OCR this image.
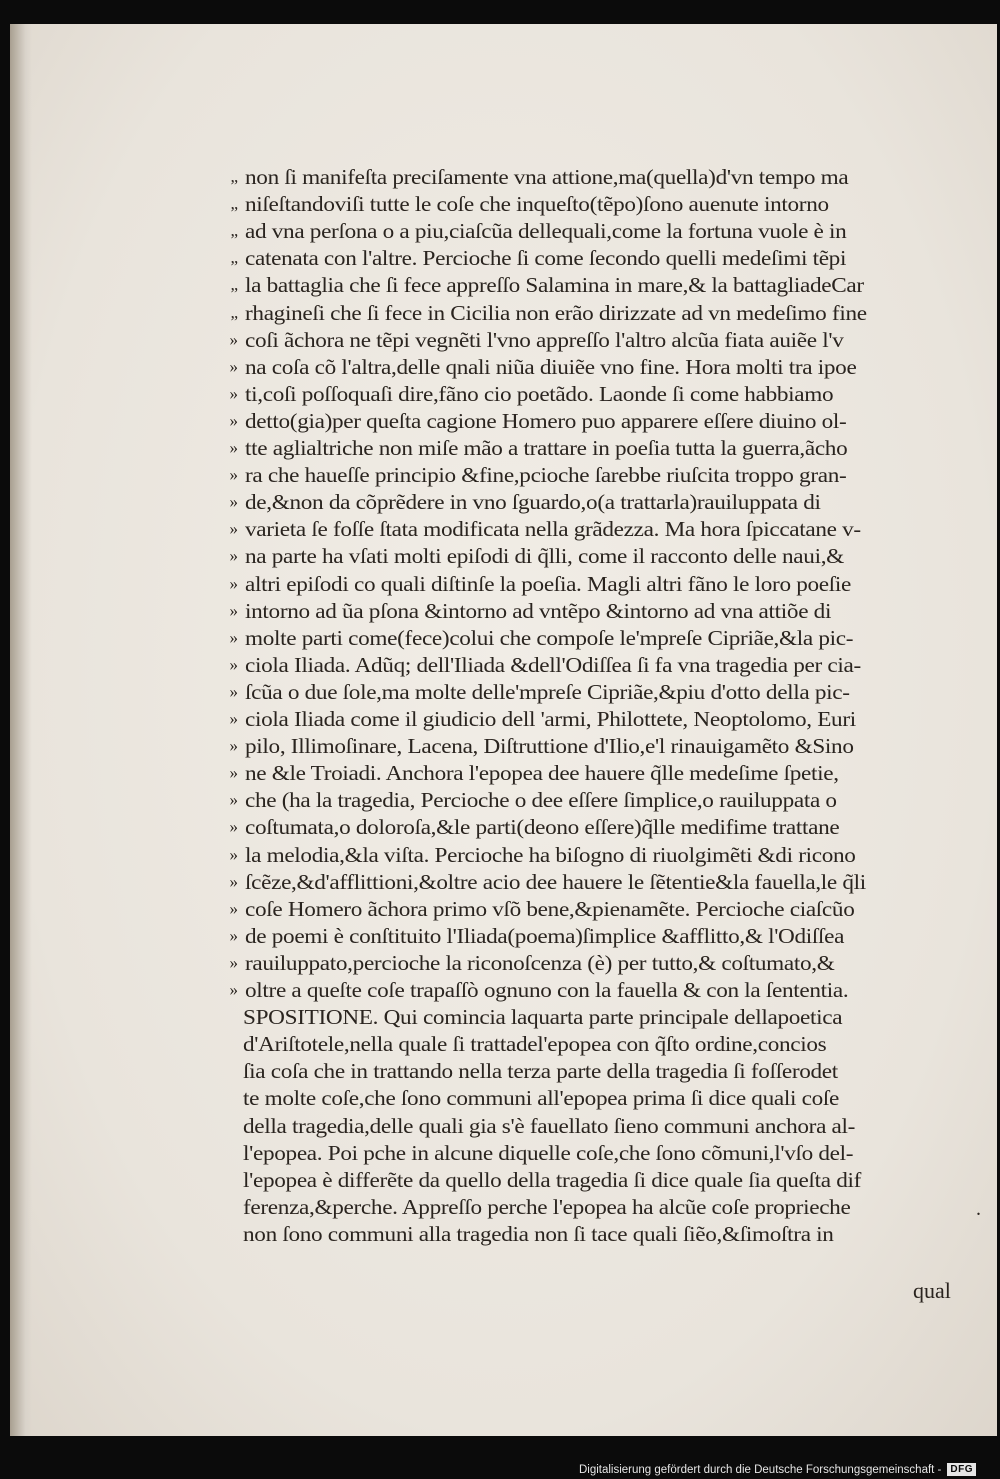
„ non ſi manifeſta preciſamente vna attione,ma(quella)d'vn tempo ma
„ niſeſtandoviſi tutte le coſe che inqueſto(tẽpo)ſono auenute intorno
„ ad vna perſona o a piu,ciaſcũa dellequali,come la fortuna vuole è in
„ catenata con l'altre. Percioche ſi come ſecondo quelli medeſimi tẽpi
„ la battaglia che ſi fece appreſſo Salamina in mare,& la battagliadeCar
„ rhagineſi che ſi fece in Cicilia non erão dirizzate ad vn medeſimo fine
» coſi ãchora ne tẽpi vegnẽti l'vno appreſſo l'altro alcũa fiata auiẽe l'v
» na coſa cõ l'altra,delle qnali niũa diuiẽe vno fine. Hora molti tra ipoe
» ti,coſi poſſoquaſi dire,fãno cio poetãdo. Laonde ſi come habbiamo
» detto(gia)per queſta cagione Homero puo apparere eſſere diuino ol-
» tte aglialtriche non miſe mão a trattare in poeſia tutta la guerra,ãcho
» ra che haueſſe principio &fine,pcioche ſarebbe riuſcita troppo gran-
» de,&non da cõprẽdere in vno ſguardo,o(a trattarla)rauiluppata di
» varieta ſe foſſe ſtata modificata nella grãdezza. Ma hora ſpiccatane v-
» na parte ha vſati molti epiſodi di q̃lli, come il racconto delle naui,&
» altri epiſodi co quali diſtinſe la poeſia. Magli altri fãno le loro poeſie
» intorno ad ũa pſona &intorno ad vntẽpo &intorno ad vna attiõe di
» molte parti come(fece)colui che compoſe le'mpreſe Cipriãe,&la pic-
» ciola Iliada. Adũq; dell'Iliada &dell'Odiſſea ſi fa vna tragedia per cia-
» ſcũa o due ſole,ma molte delle'mpreſe Cipriãe,&piu d'otto della pic-
» ciola Iliada come il giudicio dell 'armi, Philottete, Neoptolomo, Euri
» pilo, Illimoſinare, Lacena, Diſtruttione d'Ilio,e'l rinauigamẽto &Sino
» ne &le Troiadi. Anchora l'epopea dee hauere q̃lle medeſime ſpetie,
» che (ha la tragedia, Percioche o dee eſſere ſimplice,o rauiluppata o
» coſtumata,o doloroſa,&le parti(deono eſſere)q̃lle medifime trattane
» la melodia,&la viſta. Percioche ha biſogno di riuolgimẽti &di ricono
» ſcẽze,&d'afflittioni,&oltre acio dee hauere le ſẽtentie&la fauella,le q̃li
» coſe Homero ãchora primo vſõ bene,&pienamẽte. Percioche ciaſcũo
» de poemi è conſtituito l'Iliada(poema)ſimplice &afflitto,& l'Odiſſea
» rauiluppato,percioche la riconoſcenza (è) per tutto,& coſtumato,&
» oltre a queſte coſe trapaſſò ognuno con la fauella & con la ſententia.
SPOSITIONE. Qui comincia laquarta parte principale dellapoetica
d'Ariſtotele,nella quale ſi trattadel'epopea con q̃ſto ordine,concios
ſia coſa che in trattando nella terza parte della tragedia ſi foſſerodet
te molte coſe,che ſono communi all'epopea prima ſi dice quali coſe
della tragedia,delle quali gia s'è fauellato ſieno communi anchora al-
l'epopea. Poi pche in alcune diquelle coſe,che ſono cõmuni,l'vſo del-
l'epopea è differẽte da quello della tragedia ſi dice quale ſia queſta dif
ferenza,&perche. Appreſſo perche l'epopea ha alcũe coſe proprieche
non ſono communi alla tragedia non ſi tace quali ſiẽo,&ſimoſtra in
.
qual
Digitalisierung gefördert durch die Deutsche Forschungsgemeinschaft - DFG
